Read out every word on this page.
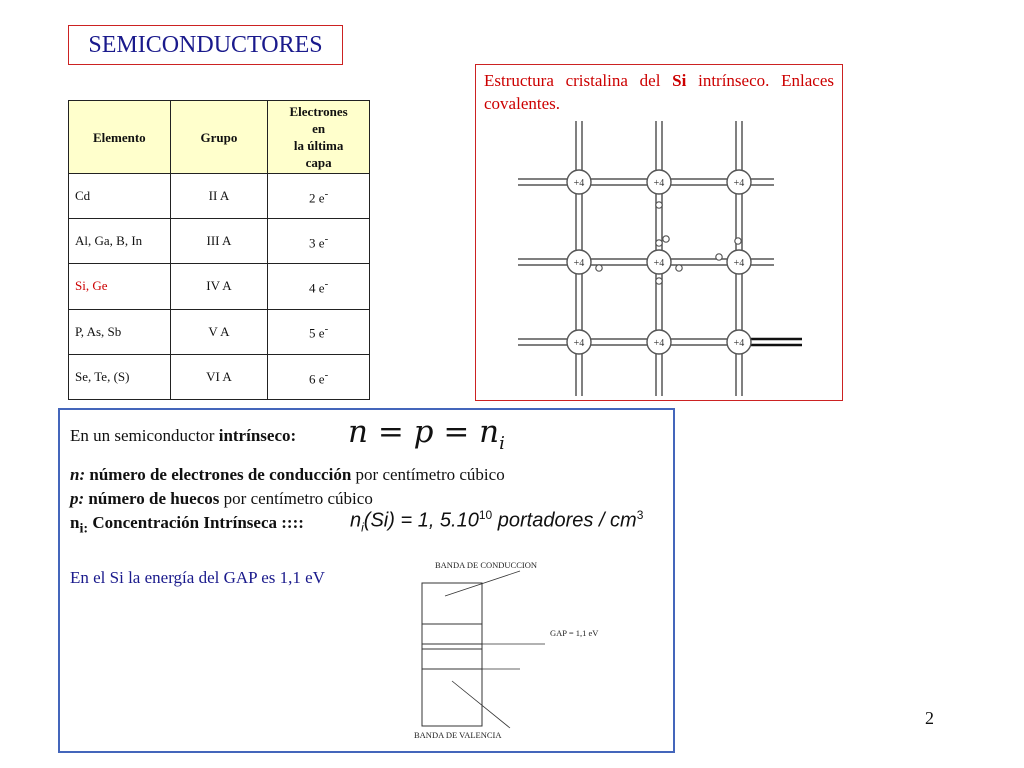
SEMICONDUCTORES
Elemento	Grupo	Electrones
en
la última
capa
Cd	II A	2 e-
Al, Ga, B, In	III A	3 e-
Si, Ge	IV A	4 e-
P, As, Sb	V A	5 e-
Se, Te, (S)	VI A	6 e-
Estructura cristalina del Si intrínseco. Enlaces covalentes.
+4
+4
+4
+4
+4
+4
+4
+4
+4
En un semiconductor intrínseco: $n = p = n_i$
n: número de electrones de conducción por centímetro cúbico
p: número de huecos por centímetro cúbico
$n_{i:}$ Concentración Intrínseca :::: $n_i(Si) = 1$, 5.10$^{10}$ portadores / $cm^3$
En el Si la energía del GAP es 1,1 eV
BANDA DE CONDUCCION
GAP = 1,1 eV
BANDA DE VALENCIA
2
